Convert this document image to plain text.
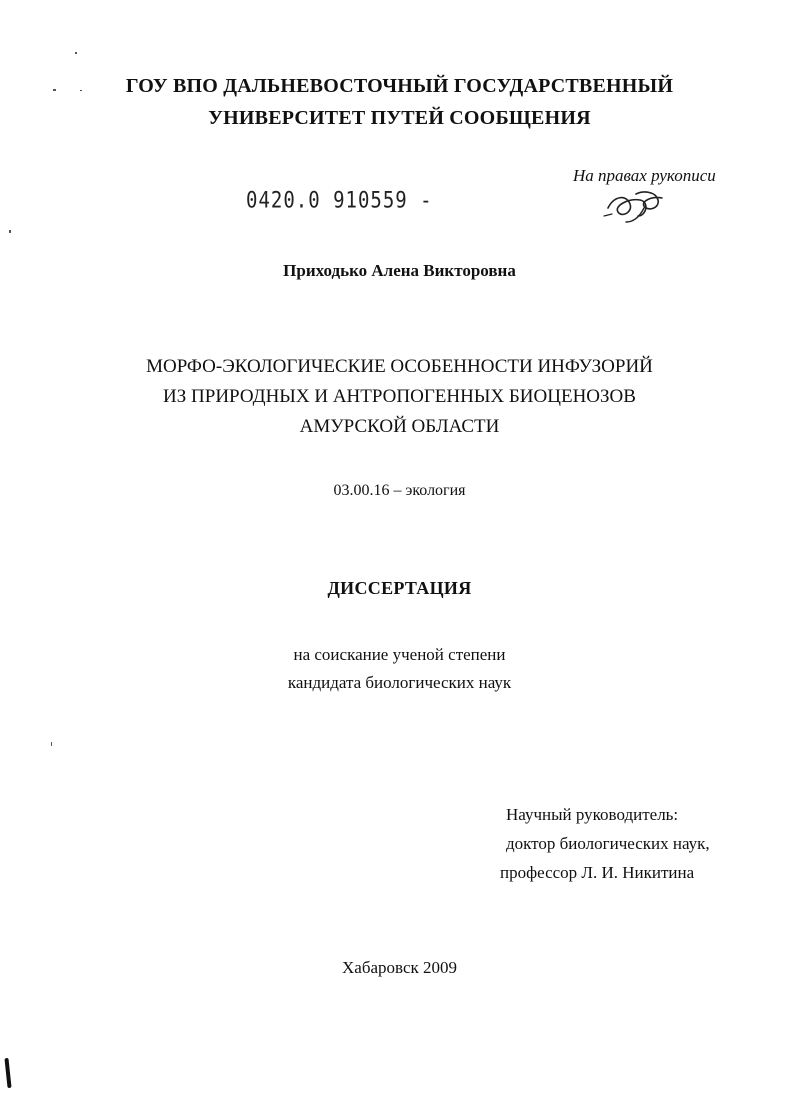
ГОУ ВПО ДАЛЬНЕВОСТОЧНЫЙ ГОСУДАРСТВЕННЫЙ
УНИВЕРСИТЕТ ПУТЕЙ СООБЩЕНИЯ
0420.0 910559 -
На правах рукописи
Приходько Алена Викторовна
МОРФО-ЭКОЛОГИЧЕСКИЕ ОСОБЕННОСТИ ИНФУЗОРИЙ
ИЗ ПРИРОДНЫХ И АНТРОПОГЕННЫХ БИОЦЕНОЗОВ
АМУРСКОЙ ОБЛАСТИ
03.00.16 – экология
ДИССЕРТАЦИЯ
на соискание ученой степени
кандидата биологических наук
Научный руководитель:
доктор биологических наук,
профессор Л. И. Никитина
Хабаровск 2009
